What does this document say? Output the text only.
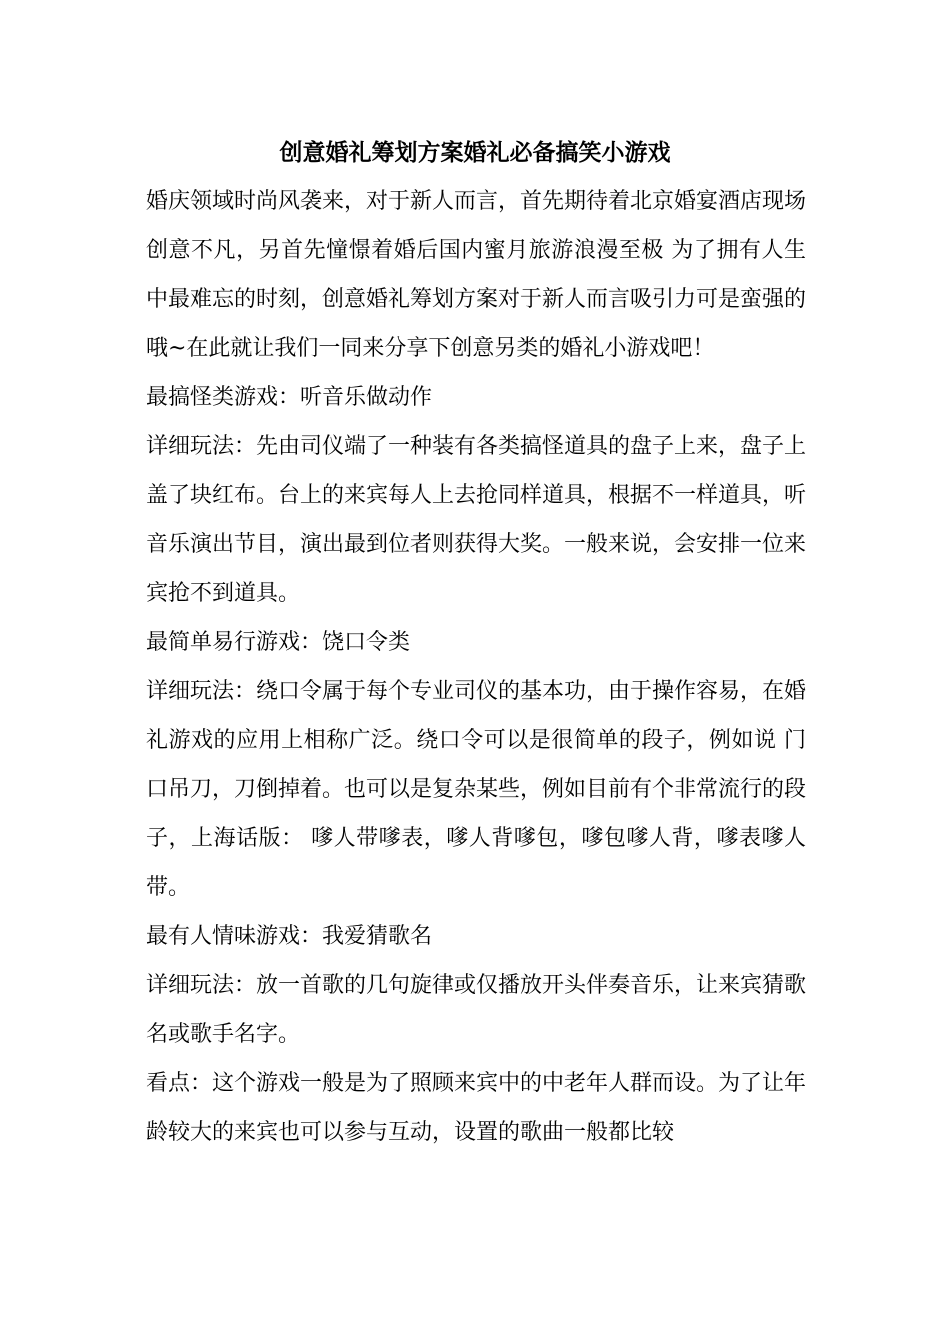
创意婚礼筹划方案婚礼必备搞笑小游戏

婚庆领域时尚风袭来，对于新人而言，首先期待着北京婚宴酒店现场创意不凡，另首先憧憬着婚后国内蜜月旅游浪漫至极 为了拥有人生中最难忘的时刻，创意婚礼筹划方案对于新人而言吸引力可是蛮强的哦~在此就让我们一同来分享下创意另类的婚礼小游戏吧！

最搞怪类游戏：听音乐做动作

详细玩法：先由司仪端了一种装有各类搞怪道具的盘子上来，盘子上盖了块红布。台上的来宾每人上去抢同样道具，根据不一样道具，听音乐演出节目，演出最到位者则获得大奖。一般来说，会安排一位来宾抢不到道具。

最简单易行游戏：饶口令类

详细玩法：绕口令属于每个专业司仪的基本功，由于操作容易，在婚礼游戏的应用上相称广泛。绕口令可以是很简单的段子，例如说 门口吊刀，刀倒掉着。也可以是复杂某些，例如目前有个非常流行的段子，上海话版： 嗲人带嗲表，嗲人背嗲包，嗲包嗲人背，嗲表嗲人带。

最有人情味游戏：我爱猜歌名

详细玩法：放一首歌的几句旋律或仅播放开头伴奏音乐，让来宾猜歌名或歌手名字。

看点：这个游戏一般是为了照顾来宾中的中老年人群而设。为了让年龄较大的来宾也可以参与互动，设置的歌曲一般都比较
